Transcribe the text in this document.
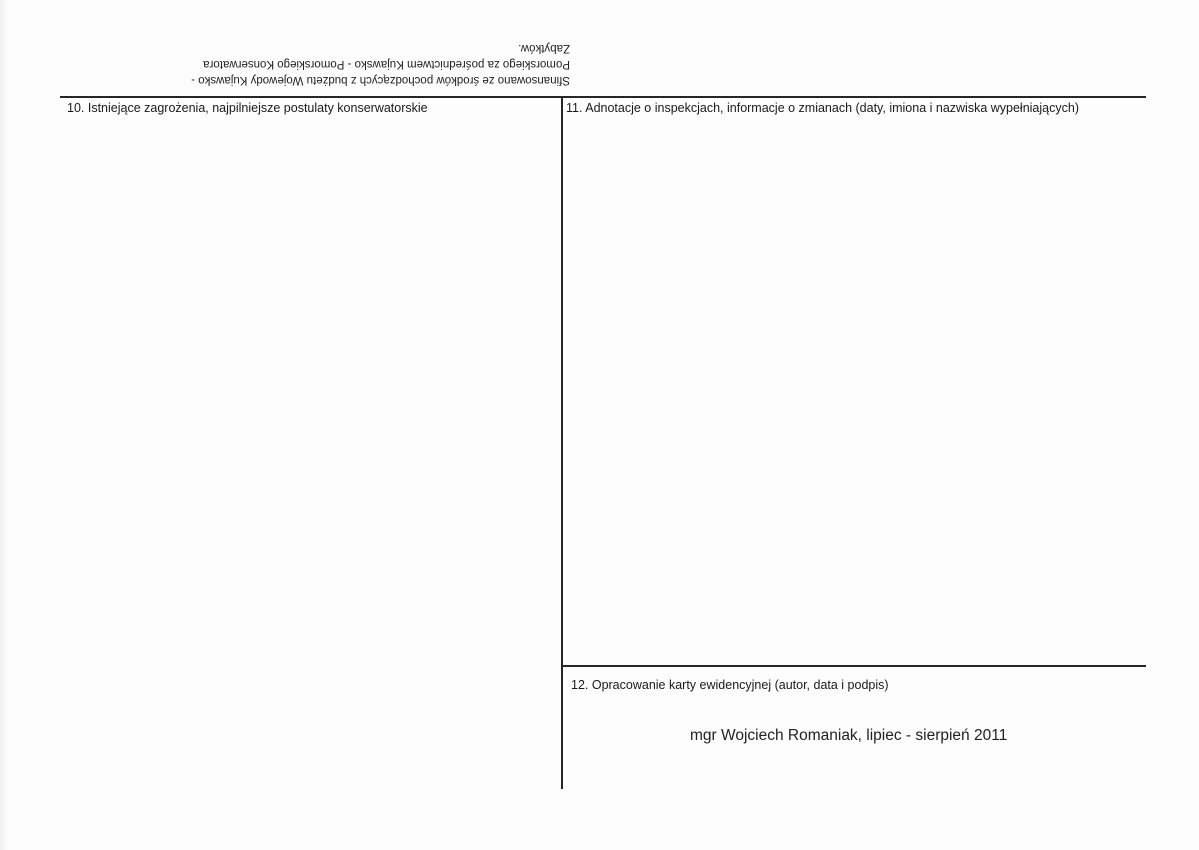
Sfinansowano ze środków pochodzących z budżetu Wojewody Kujawsko -
Pomorskiego za pośrednictwem Kujawsko - Pomorskiego Konserwatora
Zabytków.
10. Istniejące zagrożenia, najpilniejsze postulaty konserwatorskie	11. Adnotacje o inspekcjach, informacje o zmianach (daty, imiona i nazwiska wypełniających)
12. Opracowanie karty ewidencyjnej (autor, data i podpis)
mgr Wojciech Romaniak, lipiec - sierpień 2011
